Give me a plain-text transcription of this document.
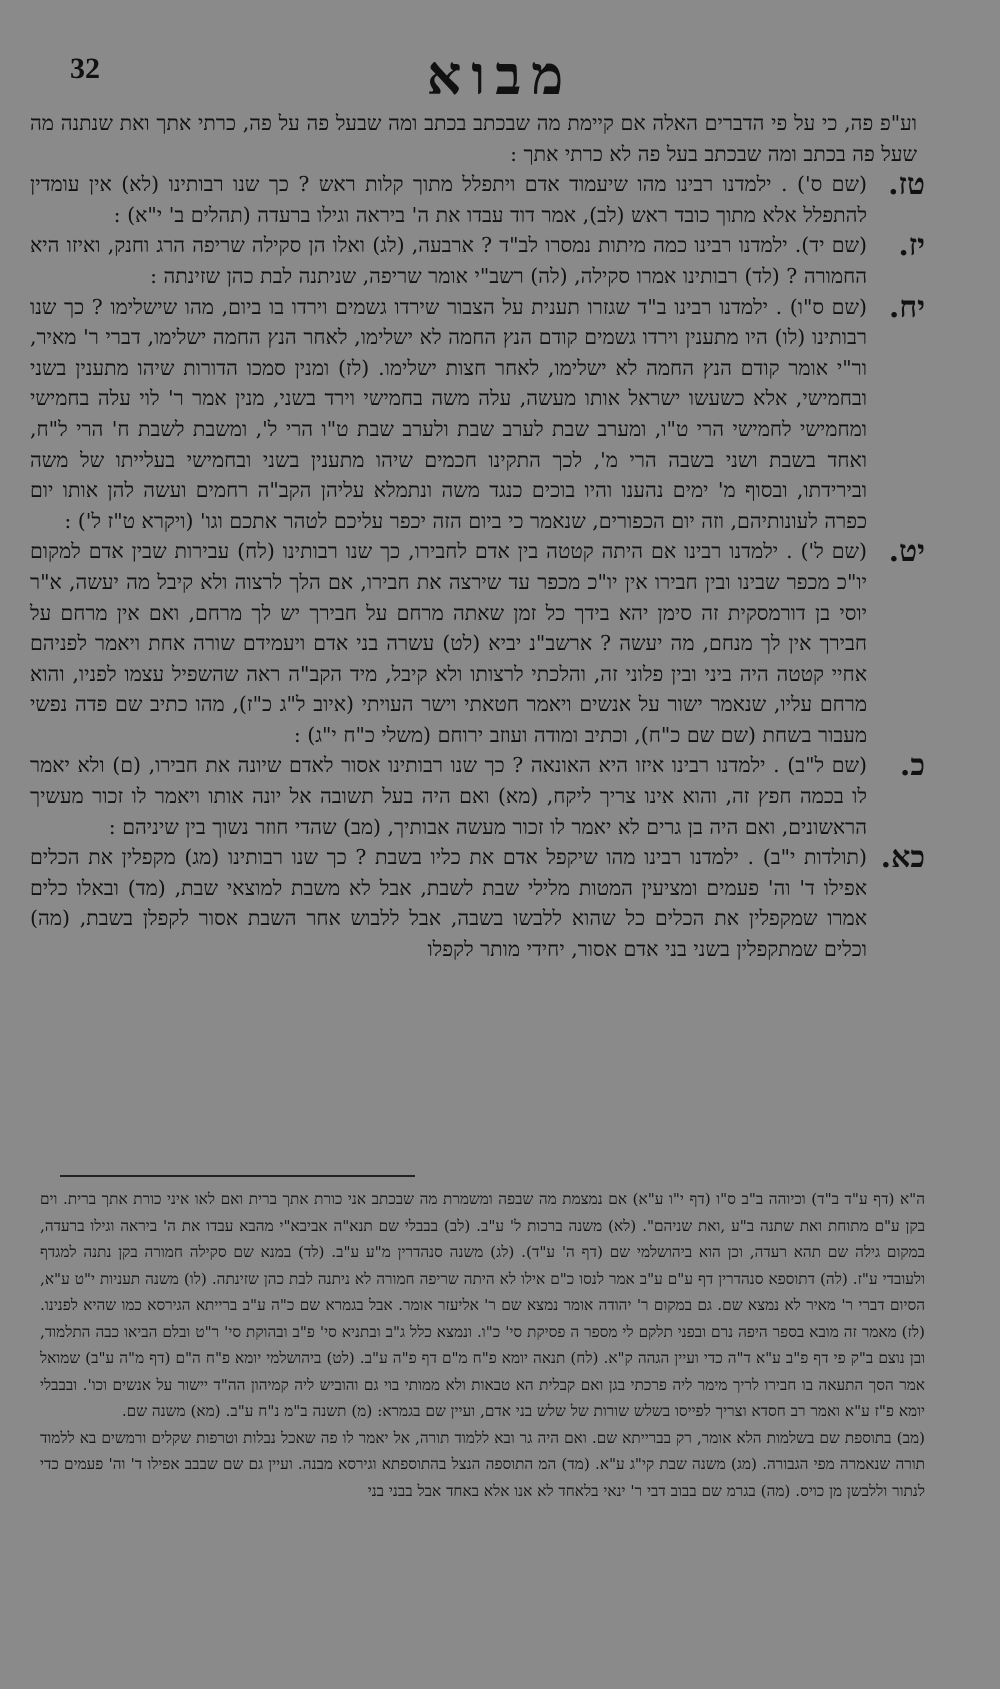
מבוא
32

וע"פ פה, כי על פי הדברים האלה אם קיימת מה שבכתב בכתב ומה שבעל פה על פה, כרתי אתך ואת שנתנה מה שעל פה בכתב ומה שבכתב בעל פה לא כרתי אתך :

טז.
(שם ס') . ילמדנו רבינו מהו שיעמוד אדם ויתפלל מתוך קלות ראש ? כך שנו רבותינו (לא) אין עומדין להתפלל אלא מתוך כובד ראש (לב), אמר דוד עבדו את ה' ביראה וגילו ברעדה (תהלים ב' י"א) :

יז.
(שם יד). ילמדנו רבינו כמה מיתות נמסרו לב"ד ? ארבעה, (לג) ואלו הן סקילה שריפה הרג וחנק, ואיזו היא החמורה ? (לד) רבותינו אמרו סקילה, (לה) רשב"י אומר שריפה, שניתנה לבת כהן שזינתה :

יח.
(שם ס"ו) . ילמדנו רבינו ב"ד שגזרו תענית על הצבור שירדו גשמים וירדו בו ביום, מהו שישלימו ? כך שנו רבותינו (לו) היו מתענין וירדו גשמים קודם הנץ החמה לא ישלימו, לאחר הנץ החמה ישלימו, דברי ר' מאיר, ור"י אומר קודם הנץ החמה לא ישלימו, לאחר חצות ישלימו. (לז) ומנין סמכו הדורות שיהו מתענין בשני ובחמישי, אלא כשעשו ישראל אותו מעשה, עלה משה בחמישי וירד בשני, מנין אמר ר' לוי עלה בחמישי ומחמישי לחמישי הרי ט"ו, ומערב שבת לערב שבת ולערב שבת ט"ו הרי ל', ומשבת לשבת ח' הרי ל"ח, ואחד בשבת ושני בשבה הרי מ', לכך התקינו חכמים שיהו מתענין בשני ובחמישי בעלייתו של משה ובירידתו, ובסוף מ' ימים נהענו והיו בוכים כנגד משה ונתמלא עליהן הקב"ה רחמים ועשה להן אותו יום כפרה לעונותיהם, וזה יום הכפורים, שנאמר כי ביום הזה יכפר עליכם לטהר אתכם וגו' (ויקרא ט"ז ל') :

יט.
(שם ל') . ילמדנו רבינו אם היתה קטטה בין אדם לחבירו, כך שנו רבותינו (לח) עבירות שבין אדם למקום יו"כ מכפר שבינו ובין חבירו אין יו"כ מכפר עד שירצה את חבירו, אם הלך לרצוה ולא קיבל מה יעשה, א"ר יוסי בן דורמסקית זה סימן יהא בידך כל זמן שאתה מרחם על חבירך יש לך מרחם, ואם אין מרחם על חבירך אין לך מנחם, מה יעשה ? ארשב"נ יביא (לט) עשרה בני אדם ויעמידם שורה אחת ויאמר לפניהם אחיי קטטה היה ביני ובין פלוני זה, והלכתי לרצותו ולא קיבל, מיד הקב"ה ראה שהשפיל עצמו לפניו, והוא מרחם עליו, שנאמר ישור על אנשים ויאמר חטאתי וישר העויתי (איוב ל"ג כ"ז), מהו כתיב שם פדה נפשי מעבור בשחת (שם שם כ"ח), וכתיב ומודה ועוזב ירוחם (משלי כ"ח י"ג) :

כ.
(שם ל"ב) . ילמדנו רבינו איזו היא האונאה ? כך שנו רבותינו אסור לאדם שיונה את חבירו, (ם) ולא יאמר לו בכמה חפץ זה, והוא אינו צריך ליקח, (מא) ואם היה בעל תשובה אל יונה אותו ויאמר לו זכור מעשיך הראשונים, ואם היה בן גרים לא יאמר לו זכור מעשה אבותיך, (מב) שהדי חוזר נשוך בין שיניהם :

כא.
(תולדות י"ב) . ילמדנו רבינו מהו שיקפל אדם את כליו בשבת ? כך שנו רבותינו (מג) מקפלין את הכלים אפילו ד' וה' פעמים ומציעין המטות מלילי שבת לשבת, אבל לא משבת למוצאי שבת, (מד) ובאלו כלים אמרו שמקפלין את הכלים כל שהוא ללבשו בשבה, אבל ללבוש אחר השבת אסור לקפלן בשבת, (מה) וכלים שמתקפלין בשני בני אדם אסור, יחידי מותר לקפלו

ה"א (דף ע"ד ב"ד) וכיוהה ב"ב ס"ו (דף י"ו ע"א) אם נמצמת מה שבפה ומשמרת מה שבכתב אני כורת אתך ברית ואם לאו איני כורת אתך ברית. וים בקן ע"ם מתוחת ואת שתנה ב"ע ,ואת שניהם". (לא) משנה ברכות ל' ע"ב. (לב) בבבלי שם תנא"ה אביבא"י מהבא עבדו את ה' ביראה וגילו ברעדה, במקום גילה שם תהא רעדה, וכן הוא ביהושלמי שם (דף ה' ע"ד). (לג) משנה סנהדרין מ"ע ע"ב. (לד) במנא שם סקילה חמורה בקן נתנה למגדף ולעובדי ע"ז. (לה) דתוספא סנהדרין דף ע"ם ע"ב אמר לנסו כ"ם אילו לא היתה שריפה חמורה לא ניתנה לבת כהן שזינתה. (לו) משנה תעניות י"ט ע"א, הסיום דברי ר' מאיר לא נמצא שם. גם במקום ר' יהודה אומר נמצא שם ר' אליעזר אומר. אבל בגמרא שם כ"ה ע"ב ברייתא הגירסא כמו שהיא לפנינו. (לז) מאמר זה מובא בספר היפה נרם ובפני תלקם לי מספר ה פסיקת סי' כ"ו. ונמצא כלל ג"ב ובתניא סי' פ"ב ובהוקת סי' ר"ט ובלם הביאו כבה התלמוד, ובן נוצם ב"ק פי דף פ"ב ע"א ד"ה כדי ועיין הגהה ק"א. (לח) תנאה יומא פ"ח מ"ם דף פ"ה ע"ב. (לט) ביהושלמי יומא פ"ח ה"ם (דף מ"ה ע"ב) שמואל אמר הסך התעאה בו חבירו לריך מימר ליה פרכתי בגן ואם קבלית הא טבאות ולא ממותי בוי גם והוביש ליה קמיהון הה"ד יישור על אנשים וכו'. ובבבלי יומא פ"ז ע"א ואמר רב חסדא וצריך לפייסו בשלש שורות של שלש בני אדם, ועיין שם בגמרא: (מ) תשנה ב"מ נ"ח ע"ב. (מא) משנה שם.

(מב) בתוספת שם בשלמות הלא אומר, רק בברייתא שם. ואם היה גר ובא ללמוד תורה, אל יאמר לו פה שאכל נבלות וטרפות שקלים ורמשים בא ללמוד תורה שנאמרה מפי הגבורה. (מג) משנה שבת קי"ג ע"א. (מד) המ התוספה הנצל בהתוספתא וגירסא מבנה. ועיין גם שם שבבב אפילו ד' וה' פעמים כדי לנתור וללבשן מן כויס. (מה) בגרמ שם בבוב דבי ר' ינאי בלאחד לא אנו אלא באחד אבל בבני בני
